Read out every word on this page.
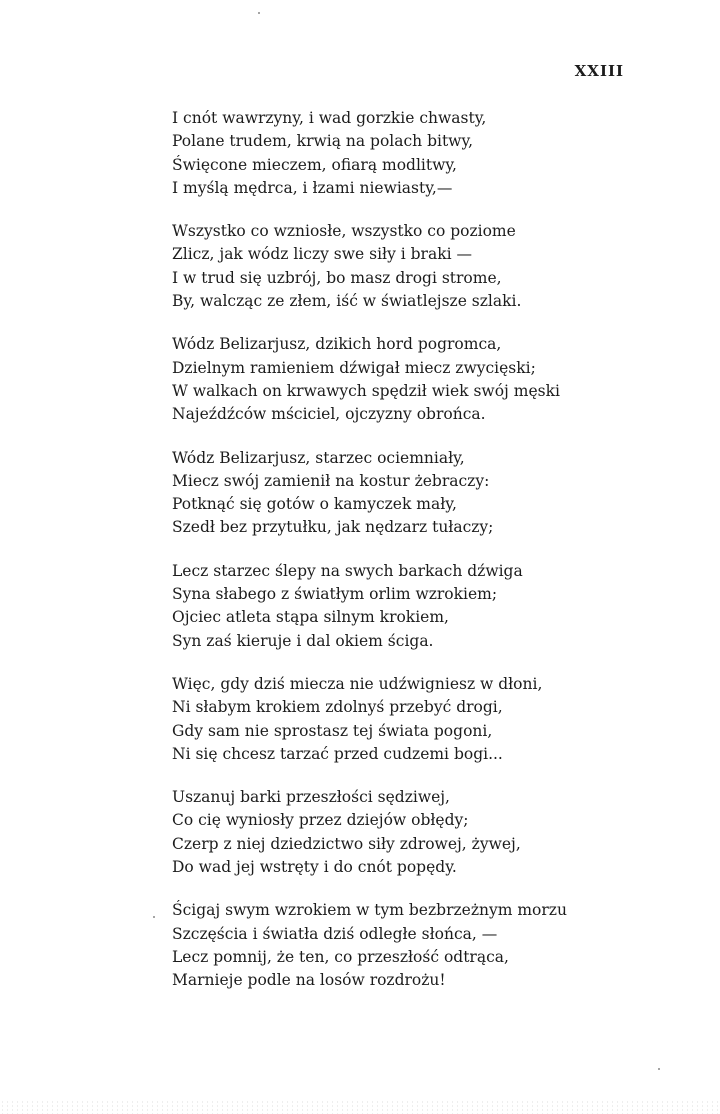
XXIII
I cnót wawrzyny, i wad gorzkie chwasty,
Polane trudem, krwią na polach bitwy,
Święcone mieczem, ofiarą modlitwy,
I myślą mędrca, i łzami niewiasty,—
Wszystko co wzniosłe, wszystko co poziome
Zlicz, jak wódz liczy swe siły i braki —
I w trud się uzbrój, bo masz drogi strome,
By, walcząc ze złem, iść w światlejsze szlaki.
Wódz Belizarjusz, dzikich hord pogromca,
Dzielnym ramieniem dźwigał miecz zwycięski;
W walkach on krwawych spędził wiek swój męski
Najeźdźców mściciel, ojczyzny obrońca.
Wódz Belizarjusz, starzec ociemniały,
Miecz swój zamienił na kostur żebraczy:
Potknąć się gotów o kamyczek mały,
Szedł bez przytułku, jak nędzarz tułaczy;
Lecz starzec ślepy na swych barkach dźwiga
Syna słabego z światłym orlim wzrokiem;
Ojciec atleta stąpa silnym krokiem,
Syn zaś kieruje i dal okiem ściga.
Więc, gdy dziś miecza nie udźwigniesz w dłoni,
Ni słabym krokiem zdolnyś przebyć drogi,
Gdy sam nie sprostasz tej świata pogoni,
Ni się chcesz tarzać przed cudzemi bogi...
Uszanuj barki przeszłości sędziwej,
Co cię wyniosły przez dziejów obłędy;
Czerp z niej dziedzictwo siły zdrowej, żywej,
Do wad jej wstręty i do cnót popędy.
Ścigaj swym wzrokiem w tym bezbrzeżnym morzu
Szczęścia i światła dziś odległe słońca, —
Lecz pomnij, że ten, co przeszłość odtrąca,
Marnieje podle na losów rozdrożu!
